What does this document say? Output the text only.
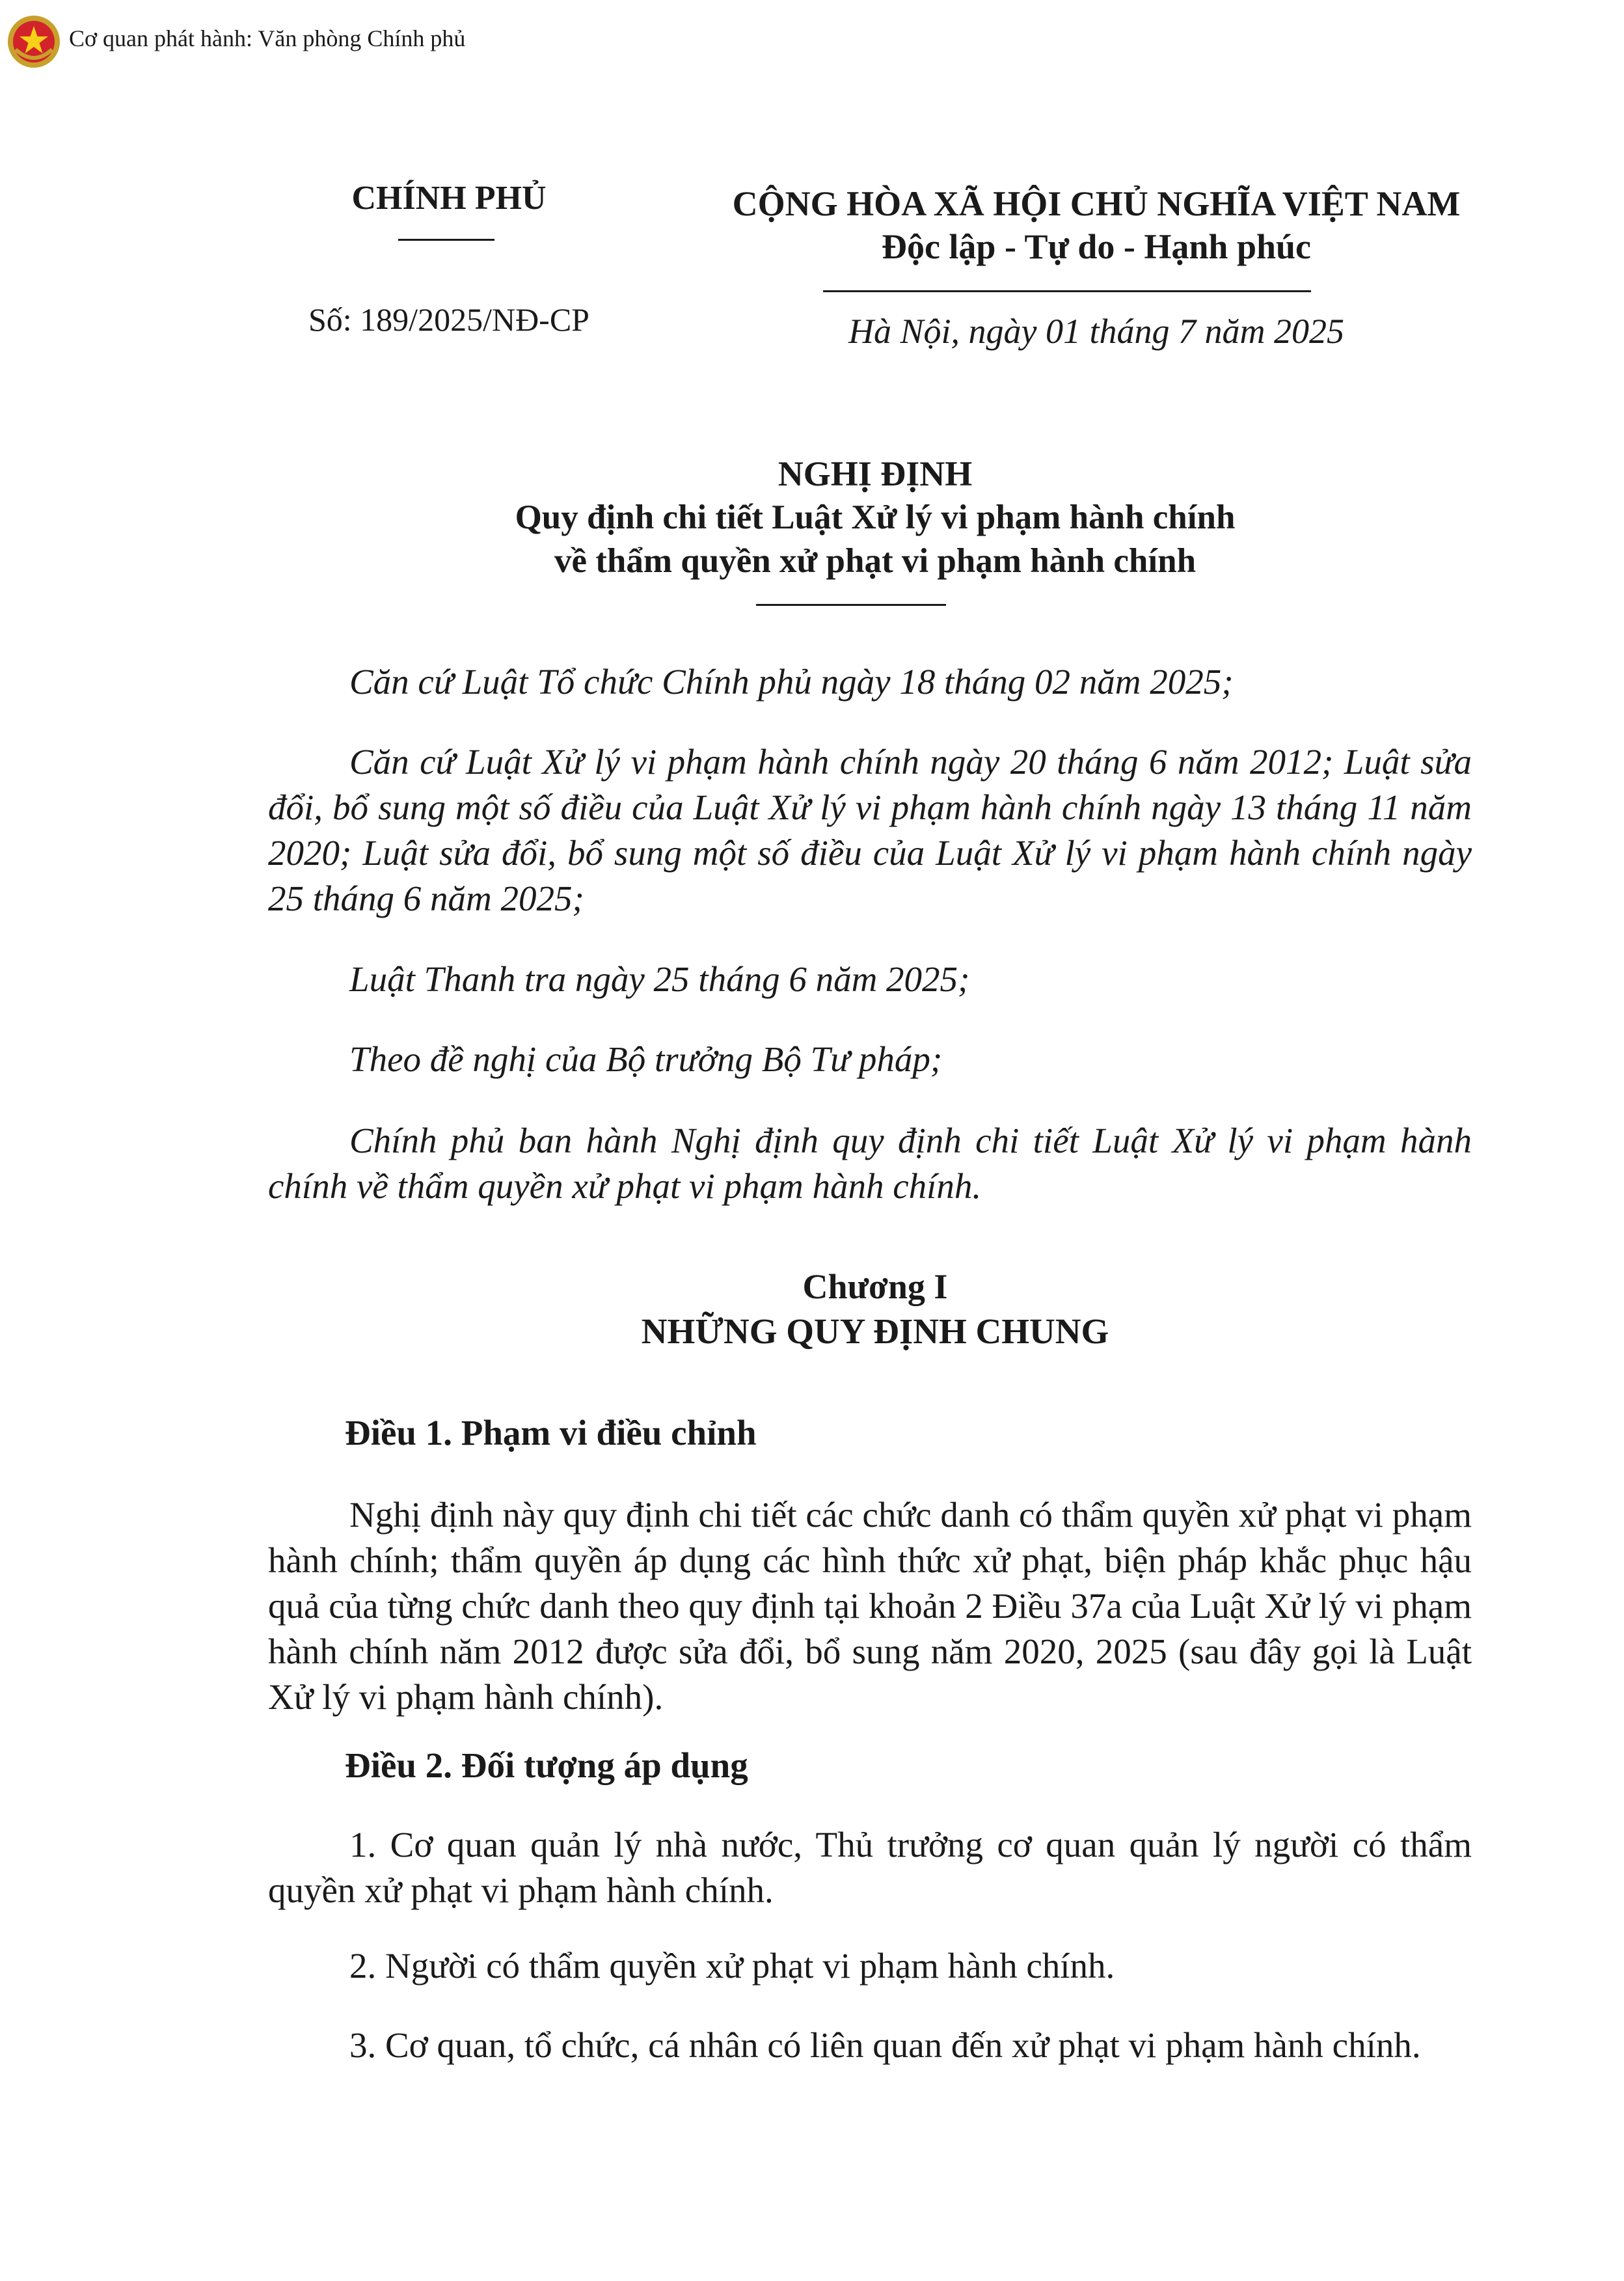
Cơ quan phát hành: Văn phòng Chính phủ
CHÍNH PHỦ
Số: 189/2025/NĐ-CP
CỘNG HÒA XÃ HỘI CHỦ NGHĨA VIỆT NAM
Độc lập - Tự do - Hạnh phúc
Hà Nội, ngày 01 tháng 7 năm 2025
NGHỊ ĐỊNH
Quy định chi tiết Luật Xử lý vi phạm hành chính
về thẩm quyền xử phạt vi phạm hành chính
Căn cứ Luật Tổ chức Chính phủ ngày 18 tháng 02 năm 2025;
Căn cứ Luật Xử lý vi phạm hành chính ngày 20 tháng 6 năm 2012; Luật sửa đổi, bổ sung một số điều của Luật Xử lý vi phạm hành chính ngày 13 tháng 11 năm 2020; Luật sửa đổi, bổ sung một số điều của Luật Xử lý vi phạm hành chính ngày 25 tháng 6 năm 2025;
Luật Thanh tra ngày 25 tháng 6 năm 2025;
Theo đề nghị của Bộ trưởng Bộ Tư pháp;
Chính phủ ban hành Nghị định quy định chi tiết Luật Xử lý vi phạm hành chính về thẩm quyền xử phạt vi phạm hành chính.
Chương I
NHỮNG QUY ĐỊNH CHUNG
Điều 1. Phạm vi điều chỉnh
Nghị định này quy định chi tiết các chức danh có thẩm quyền xử phạt vi phạm hành chính; thẩm quyền áp dụng các hình thức xử phạt, biện pháp khắc phục hậu quả của từng chức danh theo quy định tại khoản 2 Điều 37a của Luật Xử lý vi phạm hành chính năm 2012 được sửa đổi, bổ sung năm 2020, 2025 (sau đây gọi là Luật Xử lý vi phạm hành chính).
Điều 2. Đối tượng áp dụng
1. Cơ quan quản lý nhà nước, Thủ trưởng cơ quan quản lý người có thẩm quyền xử phạt vi phạm hành chính.
2. Người có thẩm quyền xử phạt vi phạm hành chính.
3. Cơ quan, tổ chức, cá nhân có liên quan đến xử phạt vi phạm hành chính.
